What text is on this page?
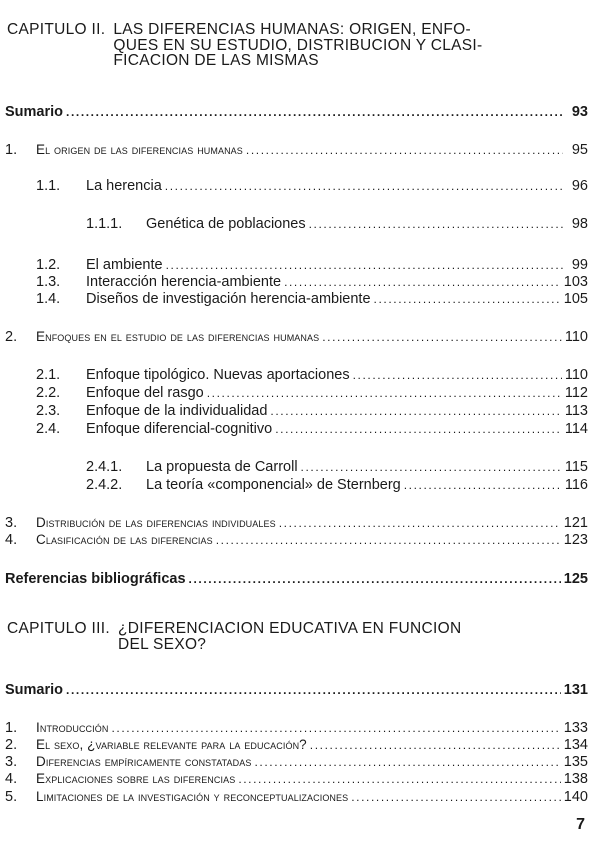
CAPITULO II. LAS DIFERENCIAS HUMANAS: ORIGEN, ENFO-
QUES EN SU ESTUDIO, DISTRIBUCION Y CLASI-
FICACION DE LAS MISMAS
Sumario .....	93
1.	El origen de las diferencias humanas .....	95
1.1.	La herencia .....	96
1.1.1.	Genética de poblaciones .....	98
1.2.	El ambiente .....	99
1.3.	Interacción herencia-ambiente .....	103
1.4.	Diseños de investigación herencia-ambiente .....	105
2.	Enfoques en el estudio de las diferencias humanas .....	110
2.1.	Enfoque tipológico. Nuevas aportaciones .....	110
2.2.	Enfoque del rasgo .....	112
2.3.	Enfoque de la individualidad .....	113
2.4.	Enfoque diferencial-cognitivo .....	114
2.4.1.	La propuesta de Carroll .....	115
2.4.2.	La teoría «componencial» de Sternberg .....	116
3.	Distribución de las diferencias individuales .....	121
4.	Clasificación de las diferencias .....	123
Referencias bibliográficas .....	125
CAPITULO III. ¿DIFERENCIACION EDUCATIVA EN FUNCION
DEL SEXO?
Sumario .....	131
1.	Introducción .....	133
2.	El sexo, ¿variable relevante para la educación? .....	134
3.	Diferencias empíricamente constatadas .....	135
4.	Explicaciones sobre las diferencias .....	138
5.	Limitaciones de la investigación y reconceptualizaciones .....	140
7
